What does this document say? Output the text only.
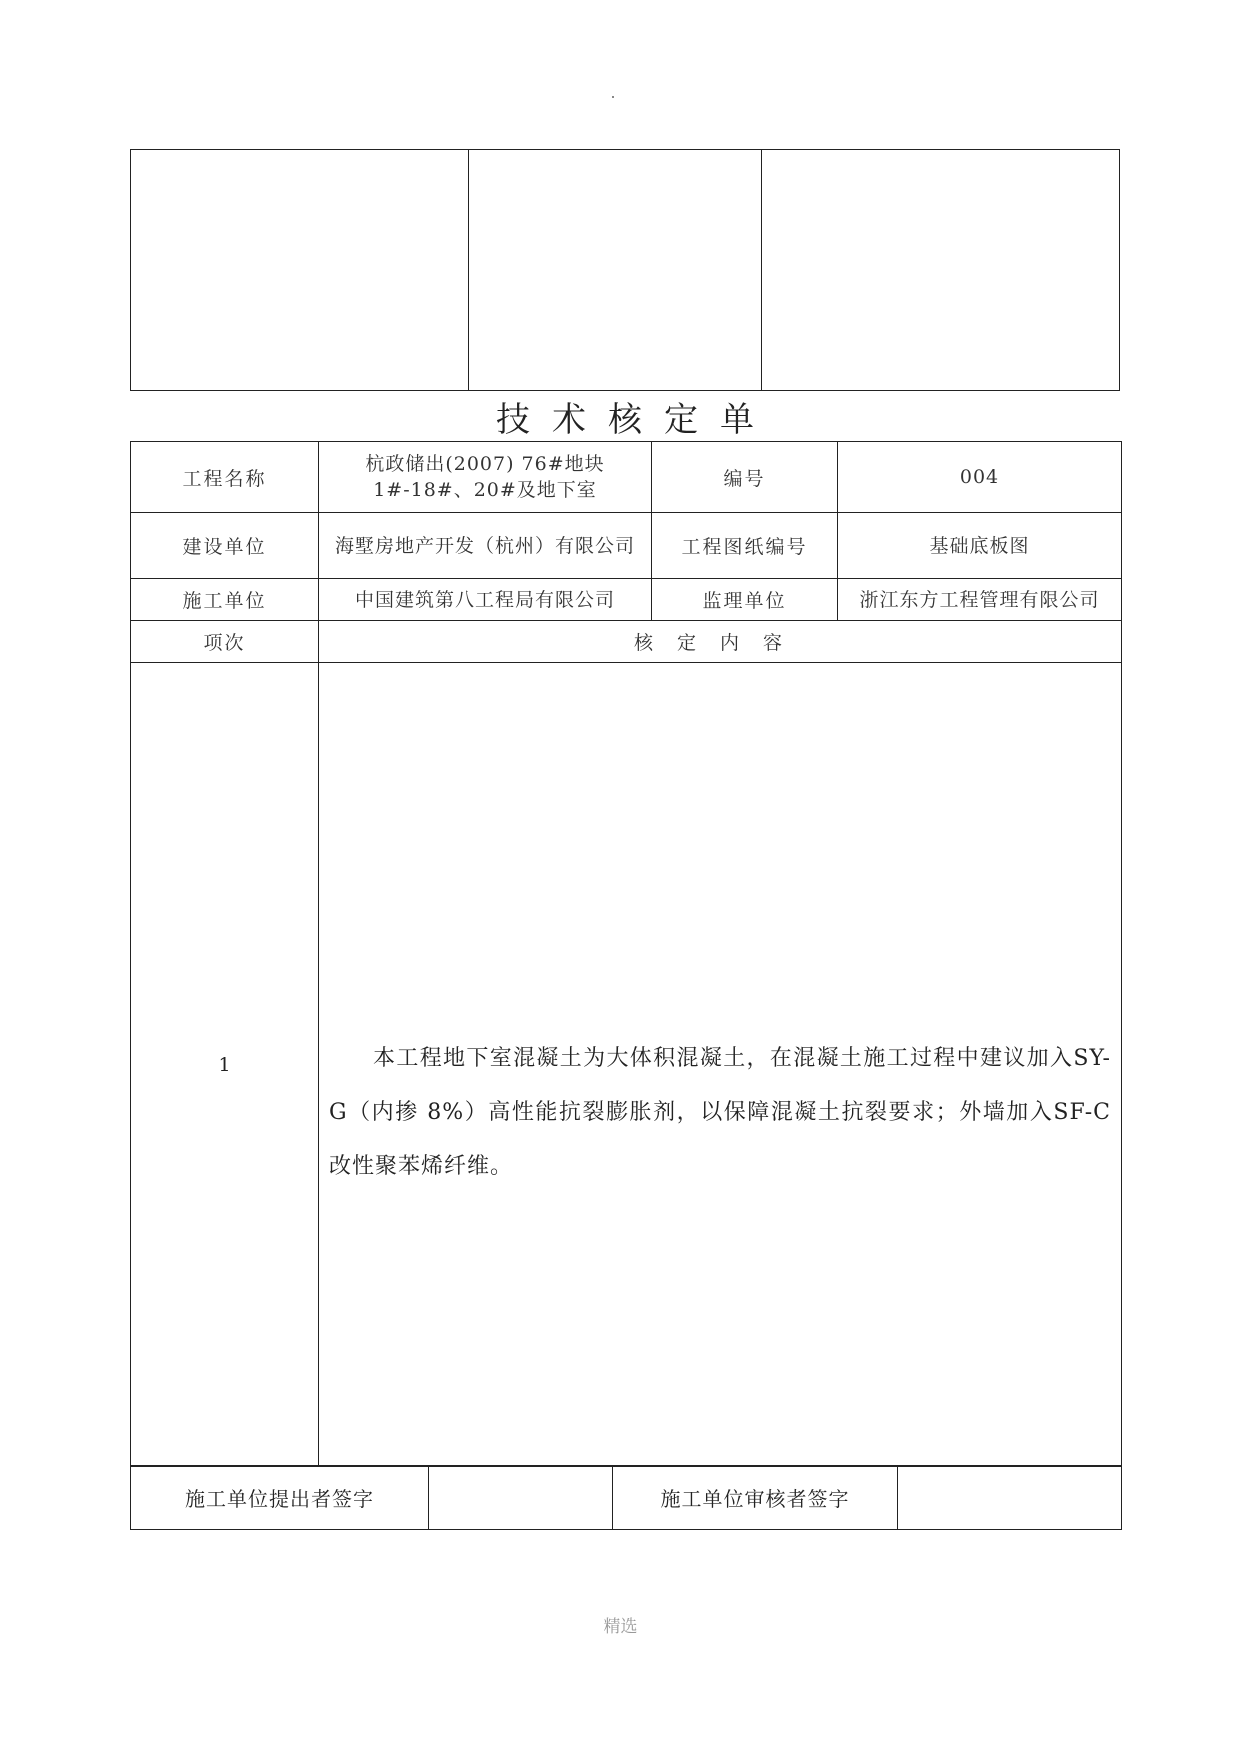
技术核定单
工程名称	杭政储出(2007) 76#地块 1#-18#、20#及地下室	编号	004
建设单位	海墅房地产开发（杭州）有限公司	工程图纸编号	基础底板图
施工单位	中国建筑第八工程局有限公司	监理单位	浙江东方工程管理有限公司
项次	核定内容		
1	本工程地下室混凝土为大体积混凝土，在混凝土施工过程中建议加入SY-G（内掺 8%）高性能抗裂膨胀剂，以保障混凝土抗裂要求；外墙加入SF-C 改性聚苯烯纤维。		
施工单位提出者签字		施工单位审核者签字	
精选
